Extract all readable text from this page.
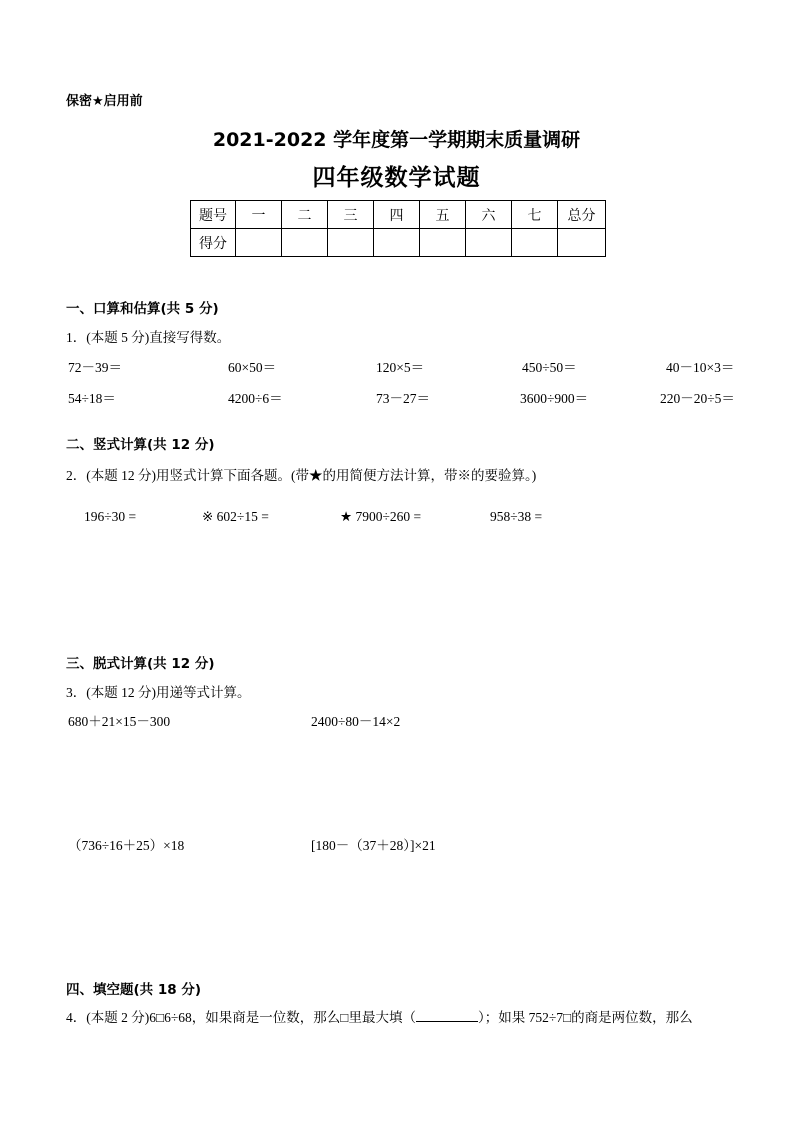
保密★启用前
2021-2022 学年度第一学期期末质量调研
四年级数学试题
题号	一	二	三	四	五	六	七	总分
得分								
一、口算和估算(共 5 分)
1．(本题 5 分)直接写得数。
72－39＝	60×50＝	120×5＝	450÷50＝	40－10×3＝
54÷18＝	4200÷6＝	73－27＝	3600÷900＝	220－20÷5＝
二、竖式计算(共 12 分)
2．(本题 12 分)用竖式计算下面各题。(带★的用简便方法计算，带※的要验算。)
196÷30 =	※ 602÷15 =	★ 7900÷260 =	958÷38 =
三、脱式计算(共 12 分)
3．(本题 12 分)用递等式计算。
680＋21×15－300	2400÷80－14×2
（736÷16＋25）×18	[180－（37＋28）]×21
四、填空题(共 18 分)
4．(本题 2 分)6□6÷68，如果商是一位数，那么□里最大填（	）；如果 752÷7□的商是两位数，那么
